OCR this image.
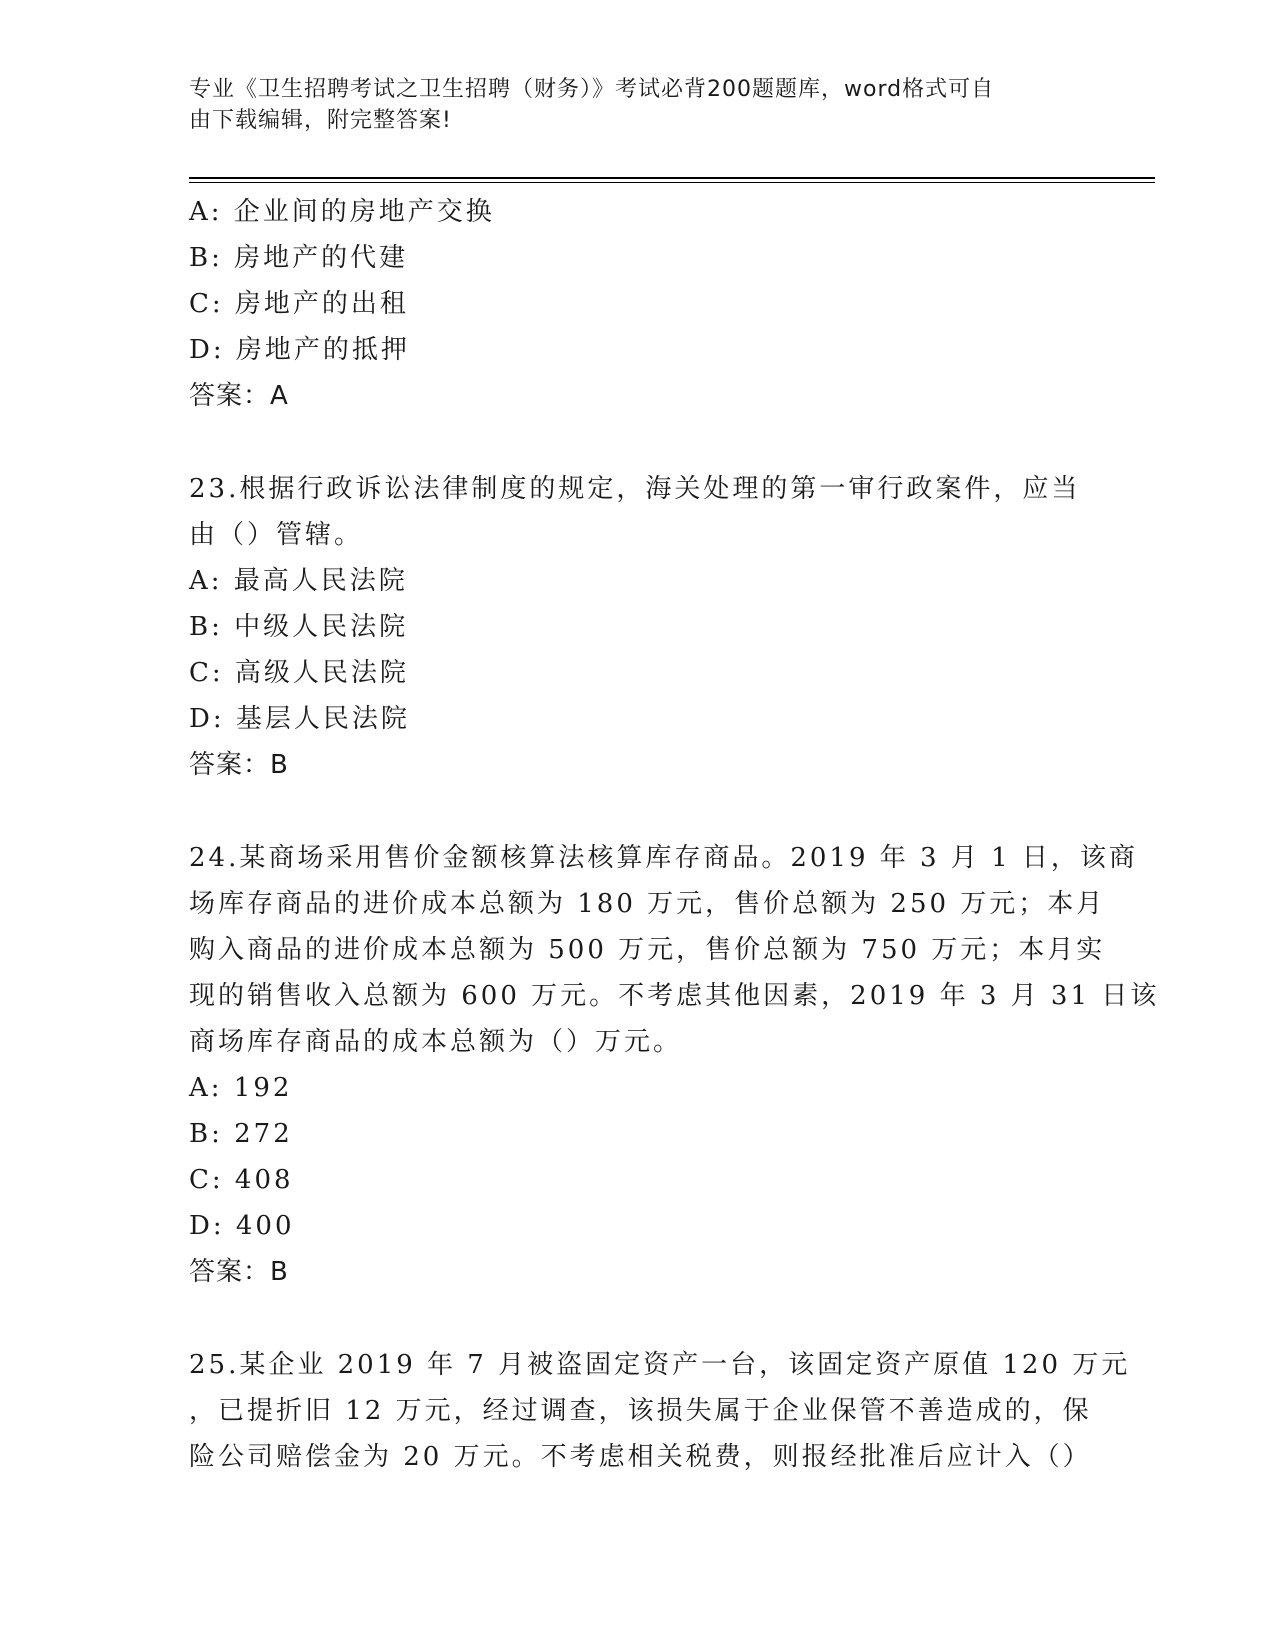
专业《卫生招聘考试之卫生招聘（财务）》考试必背200题题库，word格式可自
由下载编辑，附完整答案!
A: 企业间的房地产交换
B: 房地产的代建
C: 房地产的出租
D: 房地产的抵押
答案：A
23.根据行政诉讼法律制度的规定，海关处理的第一审行政案件，应当
由（）管辖。
A: 最高人民法院
B: 中级人民法院
C: 高级人民法院
D: 基层人民法院
答案：B
24.某商场采用售价金额核算法核算库存商品。2019 年 3 月 1 日，该商
场库存商品的进价成本总额为 180 万元，售价总额为 250 万元；本月
购入商品的进价成本总额为 500 万元，售价总额为 750 万元；本月实
现的销售收入总额为 600 万元。不考虑其他因素，2019 年 3 月 31 日该
商场库存商品的成本总额为（）万元。
A: 192
B: 272
C: 408
D: 400
答案：B
25.某企业 2019 年 7 月被盗固定资产一台，该固定资产原值 120 万元
，已提折旧 12 万元，经过调查，该损失属于企业保管不善造成的，保
险公司赔偿金为 20 万元。不考虑相关税费，则报经批准后应计入（）
